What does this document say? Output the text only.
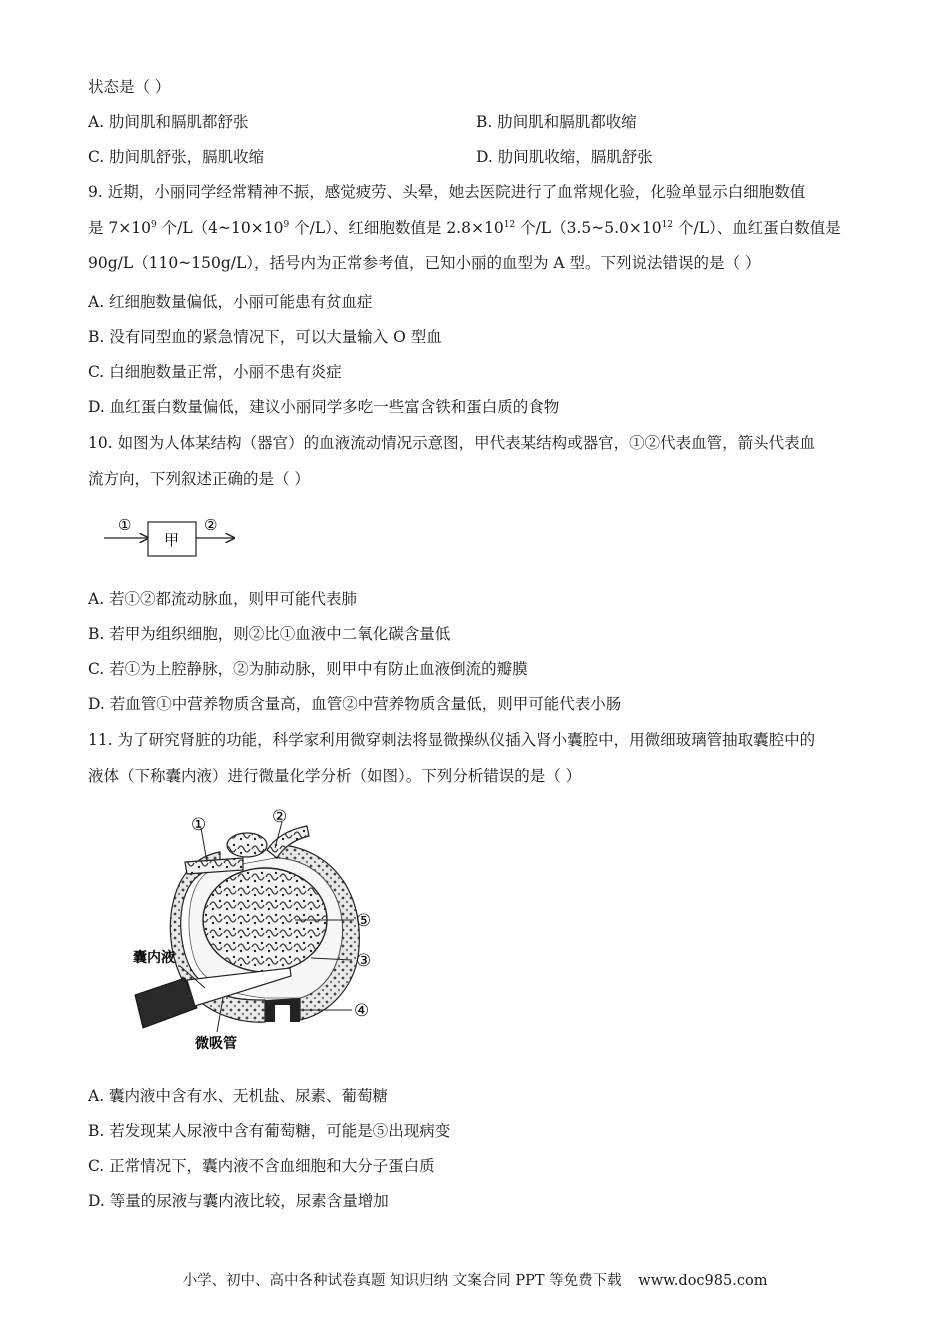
状态是（ ）
A. 肋间肌和膈肌都舒张	B. 肋间肌和膈肌都收缩
C. 肋间肌舒张，膈肌收缩	D. 肋间肌收缩，膈肌舒张
9. 近期，小丽同学经常精神不振，感觉疲劳、头晕，她去医院进行了血常规化验，化验单显示白细胞数值
是 $7\times 10^9$ 个$/L(4\sim 10\times 10^9$ 个/L）、红细胞数值是 $2.8\times 10^{12}$ 个$/L(3.5\sim 5.0\times 10^{12}$ 个/L）、血红蛋白数值是
90g/L（110~150g/L），括号内为正常参考值，已知小丽的血型为 A 型。下列说法错误的是（ ）
A. 红细胞数量偏低，小丽可能患有贫血症
B. 没有同型血的紧急情况下，可以大量输入 O 型血
C. 白细胞数量正常，小丽不患有炎症
D. 血红蛋白数量偏低，建议小丽同学多吃一些富含铁和蛋白质的食物
10. 如图为人体某结构（器官）的血液流动情况示意图，甲代表某结构或器官，①②代表血管，箭头代表血
流方向，下列叙述正确的是（ ）
①
甲
②
A. 若①②都流动脉血，则甲可能代表肺
B. 若甲为组织细胞，则②比①血液中二氧化碳含量低
C. 若①为上腔静脉，②为肺动脉，则甲中有防止血液倒流的瓣膜
D. 若血管①中营养物质含量高，血管②中营养物质含量低，则甲可能代表小肠
11. 为了研究肾脏的功能，科学家利用微穿刺法将显微操纵仪插入肾小囊腔中，用微细玻璃管抽取囊腔中的
液体（下称囊内液）进行微量化学分析（如图）。下列分析错误的是（ ）
①	②
③
④
⑤
囊内液
微吸管
A. 囊内液中含有水、无机盐、尿素、葡萄糖
B. 若发现某人尿液中含有葡萄糖，可能是⑤出现病变
C. 正常情况下，囊内液不含血细胞和大分子蛋白质
D. 等量的尿液与囊内液比较，尿素含量增加
小学、初中、高中各种试卷真题 知识归纳 文案合同 PPT 等免费下载 www.doc985.com
